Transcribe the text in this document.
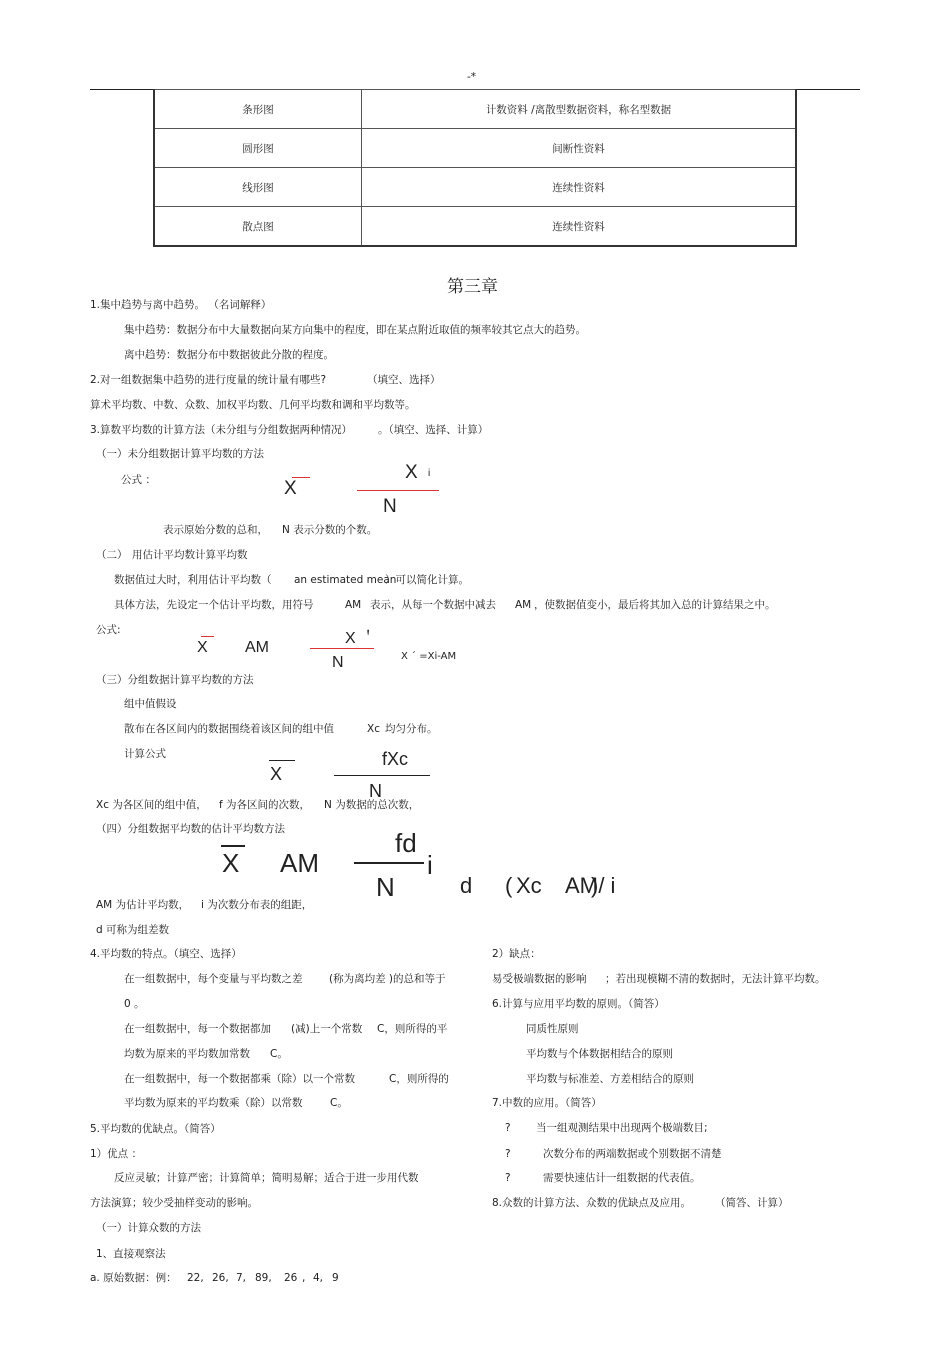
-*
条形图	计数资料 /离散型数据资料，称名型数据
圆形图	间断性资料
线形图	连续性资料
散点图	连续性资料
第三章
1.集中趋势与离中趋势。 （名词解释）
集中趋势：数据分布中大量数据向某方向集中的程度，即在某点附近取值的频率较其它点大的趋势。
离中趋势：数据分布中数据彼此分散的程度。
2.对一组数据集中趋势的进行度量的统计量有哪些?	（填空、选择）
算术平均数、中数、众数、加权平均数、几何平均数和调和平均数等。
3.算数平均数的计算方法（未分组与分组数据两种情况） 。（填空、选择、计算）
（一）未分组数据计算平均数的方法
公式 ：	X
X i
N
表示原始分数的总和， N 表示分数的个数。
（二） 用估计平均数计算平均数
数据值过大时，利用估计平均数（ an estimated mean
）可以简化计算。
具体方法，先设定一个估计平均数，用符号	AM 表示，从每一个数据中减去 AM ，使数据值变小，最后将其加入总的计算结果之中。
公式:
X AM
X ＇
N	X ´ =Xi-AM
（三）分组数据计算平均数的方法
组中值假设
散布在各区间内的数据围绕着该区间的组中值	Xc 均匀分布。
计算公式
X
fXc
N
Xc 为各区间的组中值， f 为各区间的次数， N 为数据的总次数，
（四）分组数据平均数的估计平均数方法
X AM
fd
N
i
d ( Xc AM
)/ i
AM 为估计平均数， i 为次数分布表的组距，
d 可称为组差数
4.平均数的特点。（填空、选择）
在一组数据中，每个变量与平均数之差	(称为离均差 )的总和等于
0 。
在一组数据中，每一个数据都加 (减)上一个常数 C，则所得的平
均数为原来的平均数加常数 C。
在一组数据中，每一个数据都乘（除）以一个常数	C，则所得的
平均数为原来的平均数乘（除）以常数	C。
5.平均数的优缺点。（简答）
1）优点 ：
反应灵敏；计算严密；计算简单；简明易解；适合于进一步用代数
方法演算；较少受抽样变动的影响。
（一）计算众数的方法
1、直接观察法
a. 原始数据：例： 22, 26, 7, 89, 26 , 4, 9
2）缺点：
易受极端数据的影响 ；若出现模糊不清的数据时，无法计算平均数。
6.计算与应用平均数的原则。（简答）
同质性原则
平均数与个体数据相结合的原则
平均数与标准差、方差相结合的原则
7.中数的应用。（简答）
? 当一组观测结果中出现两个极端数目;
?	次数分布的两端数据或个别数据不清楚
?	需要快速估计一组数据的代表值。
8.众数的计算方法、众数的优缺点及应用。 （简答、计算）
